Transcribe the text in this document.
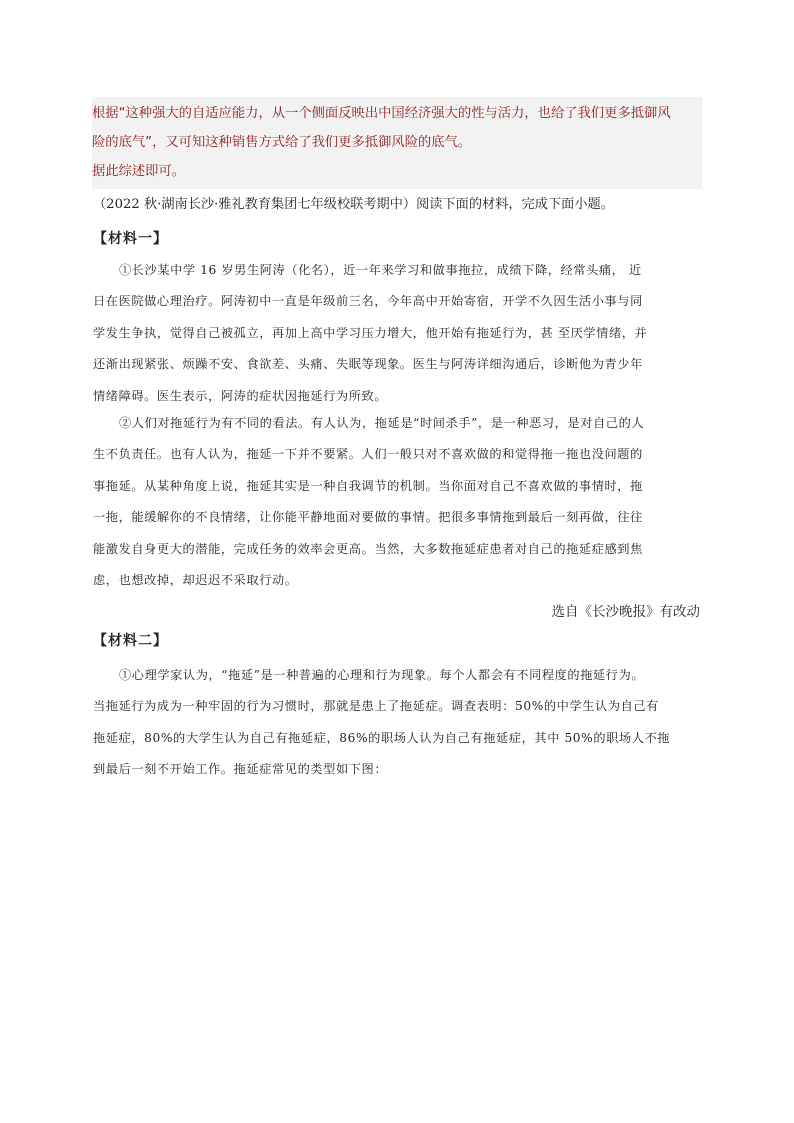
根据“这种强大的自适应能力，从一个侧面反映出中国经济强大的性与活力，也给了我们更多抵御风

险的底气”，又可知这种销售方式给了我们更多抵御风险的底气。

据此综述即可。

（2022 秋·湖南长沙·雅礼教育集团七年级校联考期中）阅读下面的材料，完成下面小题。
【材料一】
①长沙某中学 16 岁男生阿涛（化名），近一年来学习和做事拖拉，成绩下降，经常头痛， 近
日在医院做心理治疗。阿涛初中一直是年级前三名，今年高中开始寄宿，开学不久因生活小事与同
学发生争执，觉得自己被孤立，再加上高中学习压力增大，他开始有拖延行为，甚 至厌学情绪，并
还渐出现紧张、烦躁不安、食欲差、头痛、失眠等现象。医生与阿涛详细沟通后，诊断他为青少年
情绪障碍。医生表示，阿涛的症状因拖延行为所致。
②人们对拖延行为有不同的看法。有人认为，拖延是“时间杀手”，是一种恶习，是对自己的人
生不负责任。也有人认为，拖延一下并不要紧。人们一般只对不喜欢做的和觉得拖一拖也没问题的
事拖延。从某种角度上说，拖延其实是一种自我调节的机制。当你面对自己不喜欢做的事情时，拖
一拖，能缓解你的不良情绪，让你能平静地面对要做的事情。把很多事情拖到最后一刻再做，往往
能激发自身更大的潜能，完成任务的效率会更高。当然，大多数拖延症患者对自己的拖延症感到焦
虑，也想改掉，却迟迟不采取行动。
选自《长沙晚报》有改动
【材料二】
①心理学家认为，“拖延”是一种普遍的心理和行为现象。每个人都会有不同程度的拖延行为。
当拖延行为成为一种牢固的行为习惯时，那就是患上了拖延症。调查表明：50%的中学生认为自己有
拖延症，80%的大学生认为自己有拖延症，86%的职场人认为自己有拖延症，其中 50%的职场人不拖
到最后一刻不开始工作。拖延症常见的类型如下图：
